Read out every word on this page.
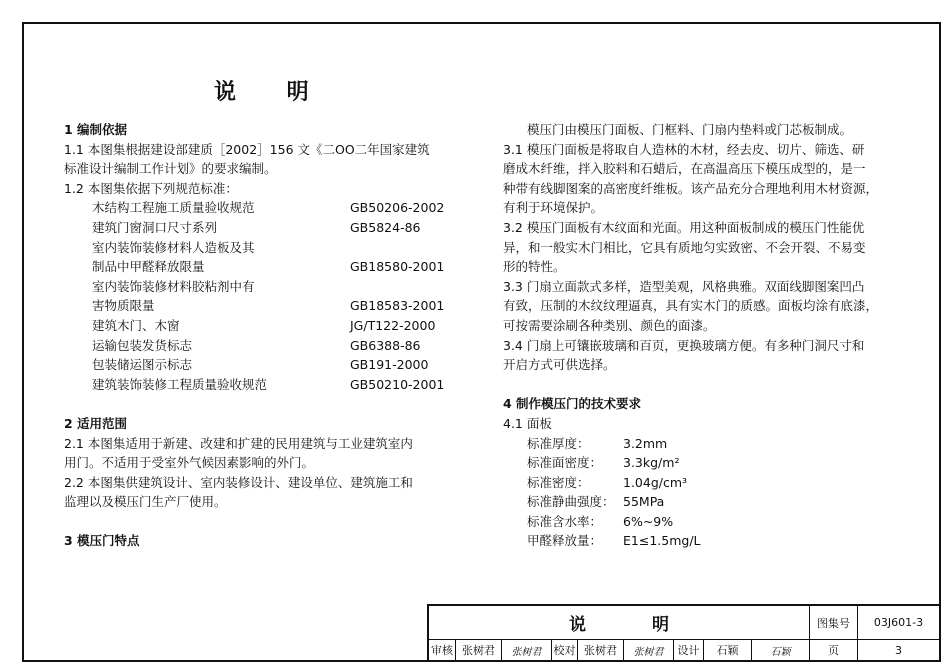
说    明
1 编制依据
1.1 本图集根据建设部建质［2002］156 文《二OO二年国家建筑
标准设计编制工作计划》的要求编制。
1.2 本图集依据下列规范标准：
木结构工程施工质量验收规范	GB50206-2002
建筑门窗洞口尺寸系列	GB5824-86
室内装饰装修材料人造板及其
制品中甲醛释放限量	GB18580-2001
室内装饰装修材料胶粘剂中有
害物质限量	GB18583-2001
建筑木门、木窗	JG/T122-2000
运输包装发货标志	GB6388-86
包装储运图示标志	GB191-2000
建筑装饰装修工程质量验收规范	GB50210-2001
2 适用范围
2.1 本图集适用于新建、改建和扩建的民用建筑与工业建筑室内
用门。不适用于受室外气候因素影响的外门。
2.2 本图集供建筑设计、室内装修设计、建设单位、建筑施工和
监理以及模压门生产厂使用。
3 模压门特点
模压门由模压门面板、门框料、门扇内垫料或门芯板制成。
3.1 模压门面板是将取自人造林的木材，经去皮、切片、筛选、研
磨成木纤维，拌入胶料和石蜡后，在高温高压下模压成型的，是一
种带有线脚图案的高密度纤维板。该产品充分合理地利用木材资源，
有利于环境保护。
3.2 模压门面板有木纹面和光面。用这种面板制成的模压门性能优
异，和一般实木门相比，它具有质地匀实致密、不会开裂、不易变
形的特性。
3.3 门扇立面款式多样，造型美观，风格典雅。双面线脚图案凹凸
有致，压制的木纹纹理逼真，具有实木门的质感。面板均涂有底漆，
可按需要涂刷各种类别、颜色的面漆。
3.4 门扇上可镶嵌玻璃和百页，更换玻璃方便。有多种门洞尺寸和
开启方式可供选择。
4 制作模压门的技术要求
4.1 面板
标准厚度：	3.2mm
标准面密度：	3.3kg/m²
标准密度：	1.04g/cm³
标准静曲强度： 55MPa
标准含水率：	6%~9%
甲醛释放量：	E1≤1.5mg/L
说 明	图集号 03J601-3
审核 张树君 张树君 校对 张树君 张树君 设计 石颖	石颖	页	3
